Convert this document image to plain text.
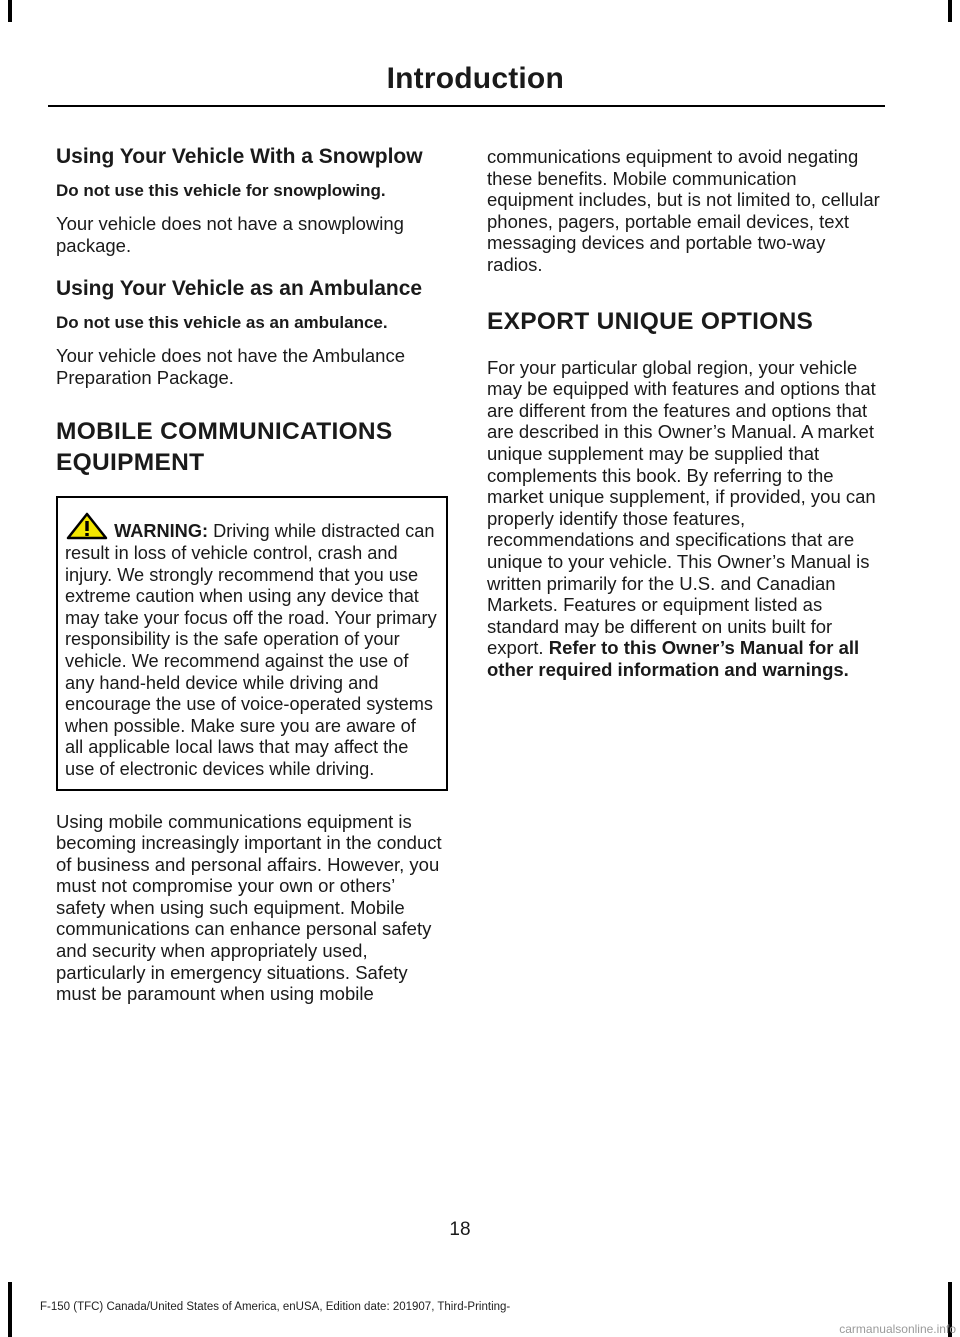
Introduction
Using Your Vehicle With a Snowplow
Do not use this vehicle for snowplowing.

Your vehicle does not have a snowplowing package.

Using Your Vehicle as an Ambulance
Do not use this vehicle as an ambulance.

Your vehicle does not have the Ambulance Preparation Package.

MOBILE COMMUNICATIONS
EQUIPMENT

WARNING: Driving while distracted can result in loss of vehicle control, crash and injury. We strongly recommend that you use extreme caution when using any device that may take your focus off the road. Your primary responsibility is the safe operation of your vehicle. We recommend against the use of any hand-held device while driving and encourage the use of voice-operated systems when possible. Make sure you are aware of all applicable local laws that may affect the use of electronic devices while driving.

Using mobile communications equipment is becoming increasingly important in the conduct of business and personal affairs. However, you must not compromise your own or others’ safety when using such equipment. Mobile communications can enhance personal safety and security when appropriately used, particularly in emergency situations. Safety must be paramount when using mobile

communications equipment to avoid negating these benefits. Mobile communication equipment includes, but is not limited to, cellular phones, pagers, portable email devices, text messaging devices and portable two-way radios.

EXPORT UNIQUE OPTIONS

For your particular global region, your vehicle may be equipped with features and options that are different from the features and options that are described in this Owner’s Manual. A market unique supplement may be supplied that complements this book. By referring to the market unique supplement, if provided, you can properly identify those features, recommendations and specifications that are unique to your vehicle. This Owner’s Manual is written primarily for the U.S. and Canadian Markets. Features or equipment listed as standard may be different on units built for export. Refer to this Owner’s Manual for all other required information and warnings.

18
F-150 (TFC) Canada/United States of America, enUSA, Edition date: 201907, Third-Printing-
carmanualsonline.info
